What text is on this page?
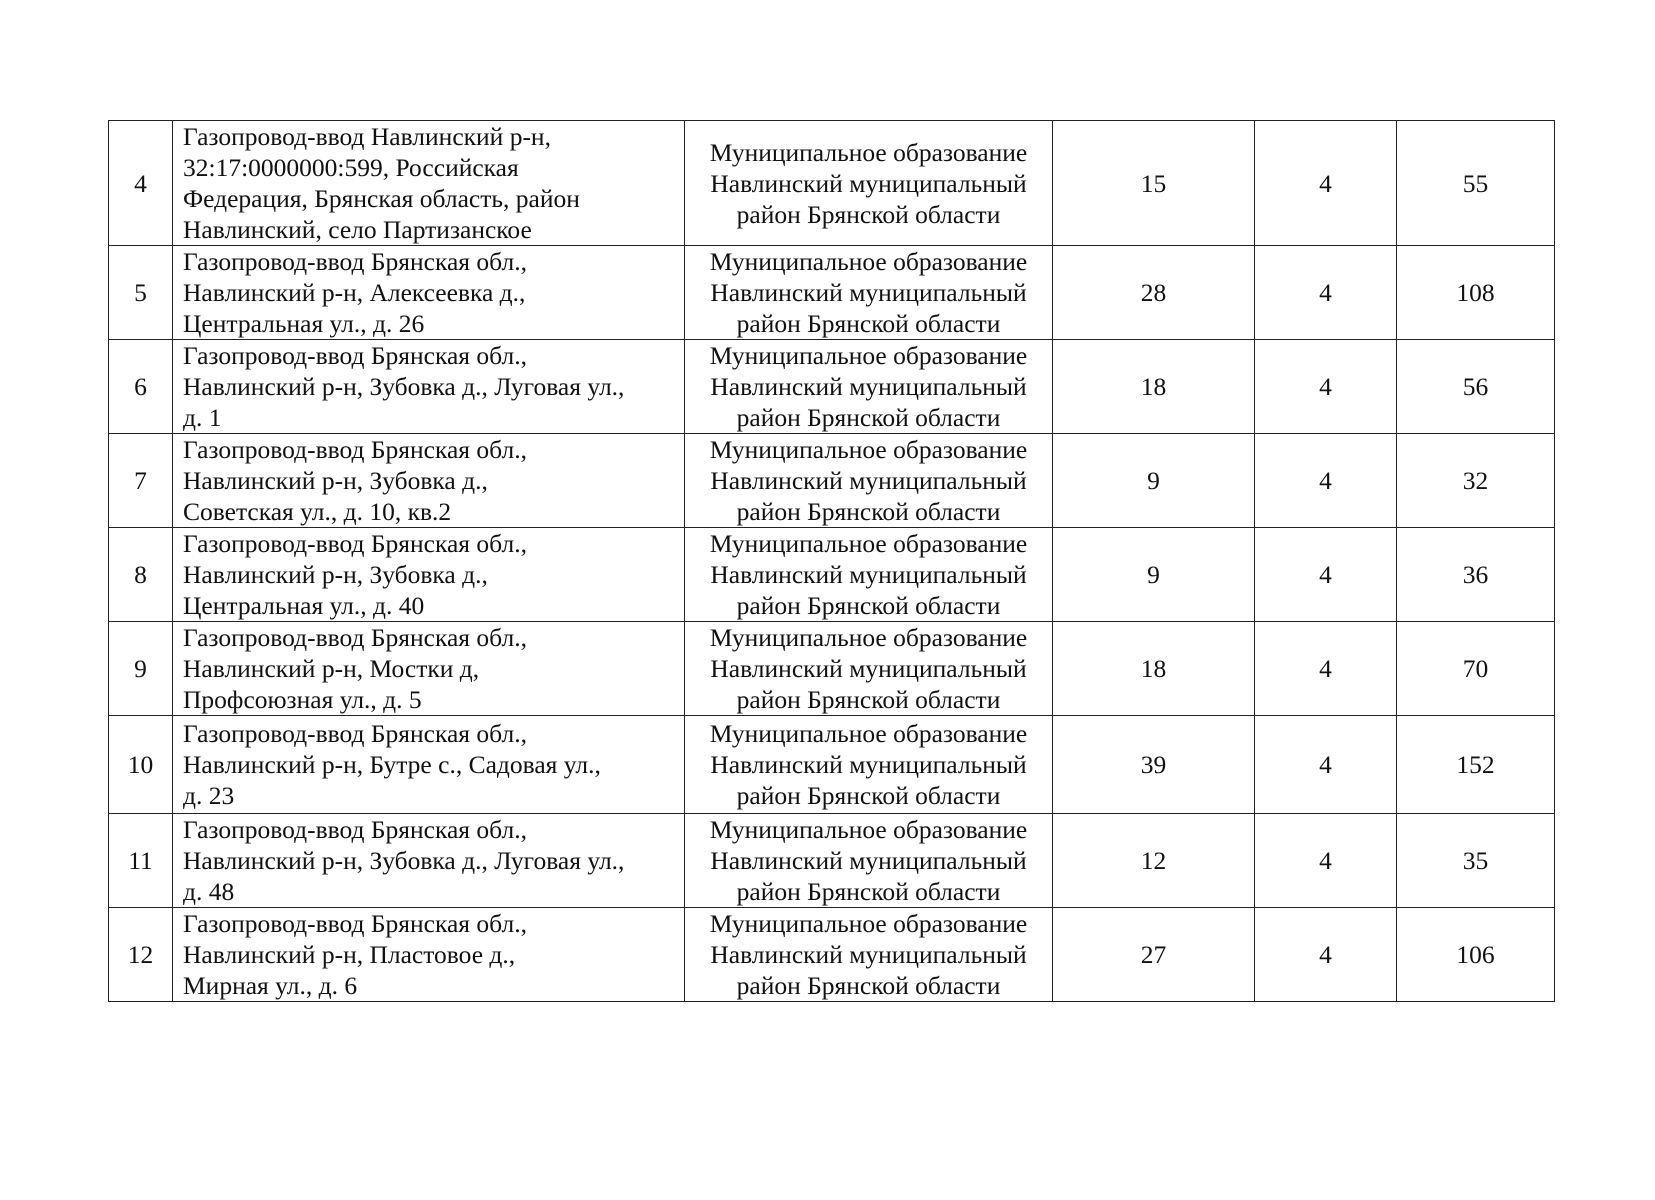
4	Газопровод-ввод Навлинский р-н,
32:17:0000000:599, Российская
Федерация, Брянская область, район
Навлинский, село Партизанское	Муниципальное образование
Навлинский муниципальный
район Брянской области	15	4	55
5	Газопровод-ввод Брянская обл.,
Навлинский р-н, Алексеевка д.,
Центральная ул., д. 26	Муниципальное образование
Навлинский муниципальный
район Брянской области	28	4	108
6	Газопровод-ввод Брянская обл.,
Навлинский р-н, Зубовка д., Луговая ул.,
д. 1	Муниципальное образование
Навлинский муниципальный
район Брянской области	18	4	56
7	Газопровод-ввод Брянская обл.,
Навлинский р-н, Зубовка д.,
Советская ул., д. 10, кв.2	Муниципальное образование
Навлинский муниципальный
район Брянской области	9	4	32
8	Газопровод-ввод Брянская обл.,
Навлинский р-н, Зубовка д.,
Центральная ул., д. 40	Муниципальное образование
Навлинский муниципальный
район Брянской области	9	4	36
9	Газопровод-ввод Брянская обл.,
Навлинский р-н, Мостки д,
Профсоюзная ул., д. 5	Муниципальное образование
Навлинский муниципальный
район Брянской области	18	4	70
10	Газопровод-ввод Брянская обл.,
Навлинский р-н, Бутре с., Садовая ул.,
д. 23	Муниципальное образование
Навлинский муниципальный
район Брянской области	39	4	152
11	Газопровод-ввод Брянская обл.,
Навлинский р-н, Зубовка д., Луговая ул.,
д. 48	Муниципальное образование
Навлинский муниципальный
район Брянской области	12	4	35
12	Газопровод-ввод Брянская обл.,
Навлинский р-н, Пластовое д.,
Мирная ул., д. 6	Муниципальное образование
Навлинский муниципальный
район Брянской области	27	4	106
